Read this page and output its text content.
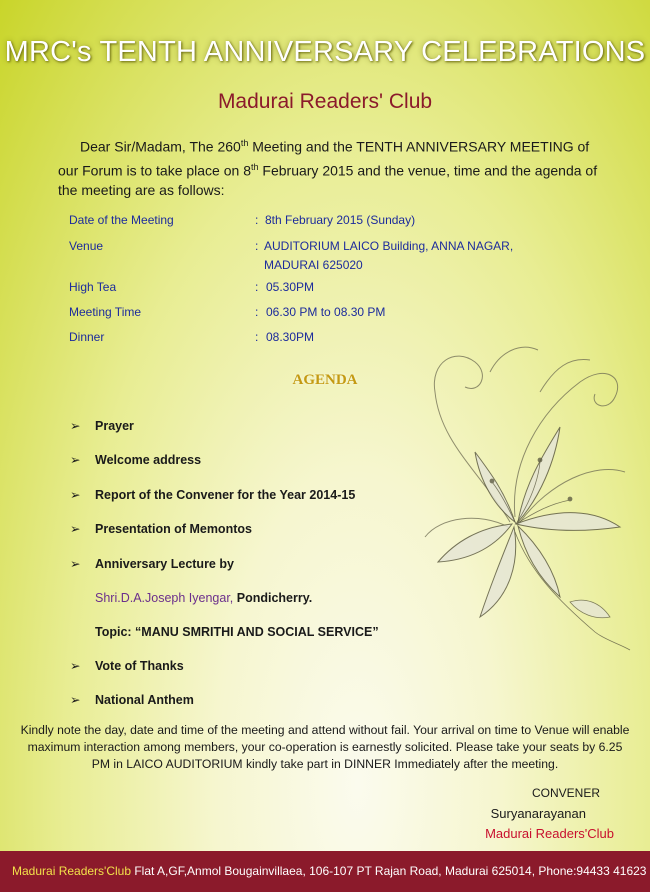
MRC's TENTH ANNIVERSARY CELEBRATIONS
Madurai Readers' Club
Dear Sir/Madam, The 260th Meeting and the TENTH ANNIVERSARY MEETING of our Forum is to take place on 8th February 2015 and the venue, time and the agenda of the meeting are as follows:
Date of the Meeting	: 8th February 2015 (Sunday)
Venue	: AUDITORIUM LAICO Building, ANNA NAGAR,
MADURAI 625020
High Tea	: 05.30PM
Meeting Time	: 06.30 PM to 08.30 PM
Dinner	: 08.30PM
AGENDA
➢ Prayer
➢ Welcome address
➢ Report of the Convener for the Year 2014-15
➢ Presentation of Memontos
➢ Anniversary Lecture by
Shri.D.A.Joseph Iyengar, Pondicherry.
Topic: “MANU SMRITHI AND SOCIAL SERVICE”
➢ Vote of Thanks
➢ National Anthem
Kindly note the day, date and time of the meeting and attend without fail. Your arrival on time to Venue will enable maximum interaction among members, your co-operation is earnestly solicited. Please take your seats by 6.25 PM in LAICO AUDITORIUM kindly take part in DINNER Immediately after the meeting.
CONVENER
Suryanarayanan
Madurai Readers'Club
Madurai Readers'Club Flat A,GF,Anmol Bougainvillaea, 106-107 PT Rajan Road, Madurai 625014, Phone:94433 41623
